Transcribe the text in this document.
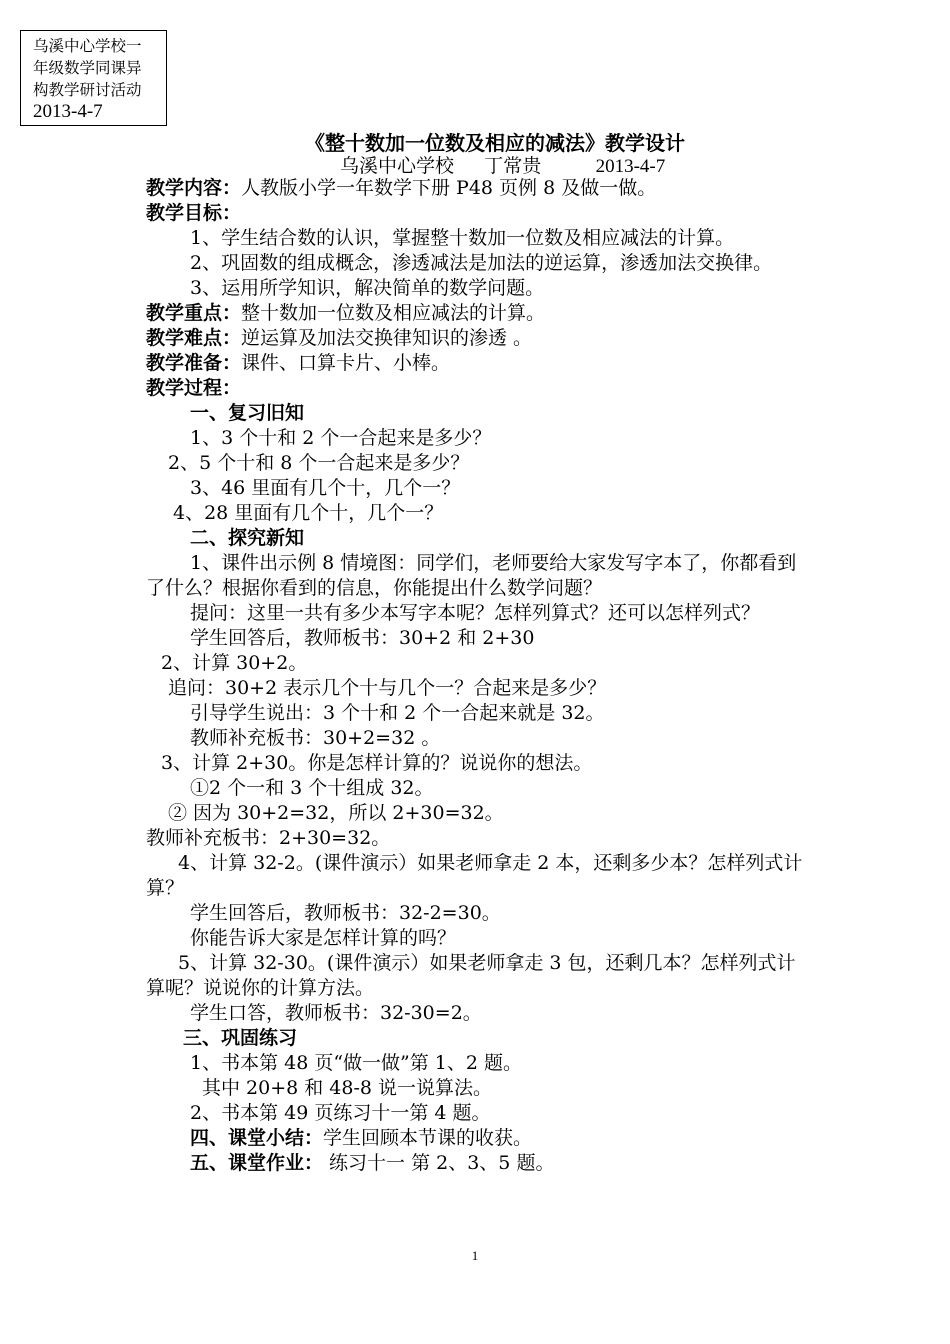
乌溪中心学校一
年级数学同课异
构教学研讨活动
2013-4-7
《整十数加一位数及相应的减法》教学设计
乌溪中心学校 丁常贵	2013-4-7
教学内容：人教版小学一年数学下册 P48 页例 8 及做一做。
教学目标：
1、学生结合数的认识，掌握整十数加一位数及相应减法的计算。
2、巩固数的组成概念，渗透减法是加法的逆运算，渗透加法交换律。
3、运用所学知识，解决简单的数学问题。
教学重点：整十数加一位数及相应减法的计算。
教学难点：逆运算及加法交换律知识的渗透 。
教学准备：课件、口算卡片、小棒。
教学过程：
一、复习旧知
1、3 个十和 2 个一合起来是多少？
2、5 个十和 8 个一合起来是多少？
3、46 里面有几个十，几个一？
4、28 里面有几个十，几个一？
二、探究新知
1、课件出示例 8 情境图：同学们，老师要给大家发写字本了，你都看到了什么？根据你看到的信息，你能提出什么数学问题？
提问：这里一共有多少本写字本呢？怎样列算式？还可以怎样列式？
学生回答后，教师板书：30+2 和 2+30
2、计算 30+2。
追问：30+2 表示几个十与几个一？合起来是多少？
引导学生说出：3 个十和 2 个一合起来就是 32。
教师补充板书：30+2=32 。
3、计算 2+30。你是怎样计算的？说说你的想法。
①2 个一和 3 个十组成 32。
② 因为 30+2=32，所以 2+30=32。
教师补充板书：2+30=32。
4、计算 32-2。(课件演示）如果老师拿走 2 本，还剩多少本？怎样列式计算？
学生回答后，教师板书：32-2=30。
你能告诉大家是怎样计算的吗？
5、计算 32-30。(课件演示）如果老师拿走 3 包，还剩几本？怎样列式计算呢？说说你的计算方法。
学生口答，教师板书：32-30=2。
三、巩固练习
1、书本第 48 页“做一做”第 1、2 题。
其中 20+8 和 48-8 说一说算法。
2、书本第 49 页练习十一第 4 题。
四、课堂小结：学生回顾本节课的收获。
五、课堂作业： 练习十一 第 2、3、5 题。
1
